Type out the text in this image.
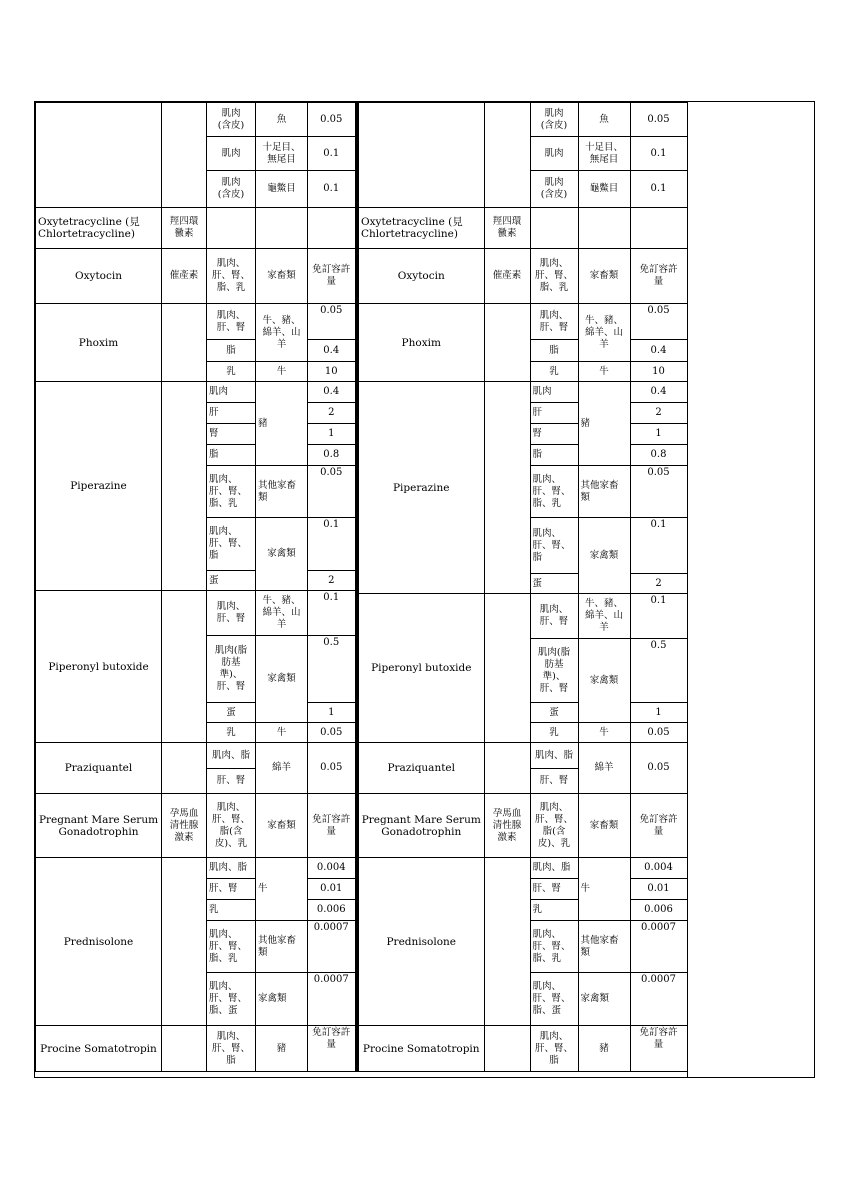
		肌肉
(含皮)	魚	0.05
		肌肉	十足目、
無尾目	0.1
		肌肉
(含皮)	龜鱉目	0.1

Oxytetracycline (見 Chlortetracycline)	羥四環
黴素			
Oxytocin	催產素	肌肉、
肝、腎、
脂、乳	家畜類	免訂容許
量
Phoxim		肌肉、
肝、腎	牛、豬、
綿羊、山
羊	0.05
		脂		0.4
		乳	牛	10
Piperazine		肌肉	豬	0.4
		肝		2
		腎		1
		脂		0.8
		肌肉、
肝、腎、
脂、乳	其他家畜
類	0.05
		肌肉、
肝、腎、
脂	家禽類	0.1
		蛋		2
Piperonyl butoxide		肌肉、
肝、腎	牛、豬、
綿羊、山
羊	0.1
		肌肉(脂
肪基
準)、
肝、腎	家禽類	0.5
		蛋		1
		乳	牛	0.05
Praziquantel		肌肉、脂	綿羊	0.05
		肝、腎		
Pregnant Mare Serum Gonadotrophin	孕馬血
清性腺
激素	肌肉、
肝、腎、
脂(含
皮)、乳	家畜類	免訂容許
量
Prednisolone		肌肉、脂	牛	0.004
		肝、腎		0.01
		乳		0.006
		肌肉、
肝、腎、
脂、乳	其他家畜
類	0.0007
		肌肉、
肝、腎、
脂、蛋	家禽類	0.0007
Procine Somatotropin		肌肉、
肝、腎、
脂	豬	免訂容許
量
		肌肉
(含皮)	魚	0.05
		肌肉	十足目、
無尾目	0.1
		肌肉
(含皮)	龜鱉目	0.1

Oxytetracycline (見 Chlortetracycline)	羥四環
黴素			
Oxytocin	催產素	肌肉、
肝、腎、
脂、乳	家畜類	免訂容許
量
Phoxim		肌肉、
肝、腎	牛、豬、
綿羊、山
羊	0.05
		脂		0.4
		乳	牛	10
Piperazine		肌肉	豬	0.4
		肝		2
		腎		1
		脂		0.8
		肌肉、
肝、腎、
脂、乳	其他家畜
類	0.05
		肌肉、
肝、腎、
脂	家禽類	0.1
		蛋		2
Piperonyl butoxide		肌肉、
肝、腎	牛、豬、
綿羊、山
羊	0.1
		肌肉(脂
肪基
準)、
肝、腎	家禽類	0.5
		蛋		1
		乳	牛	0.05
Praziquantel		肌肉、脂	綿羊	0.05
		肝、腎		
Pregnant Mare Serum Gonadotrophin	孕馬血
清性腺
激素	肌肉、
肝、腎、
脂(含
皮)、乳	家畜類	免訂容許
量
Prednisolone		肌肉、脂	牛	0.004
		肝、腎		0.01
		乳		0.006
		肌肉、
肝、腎、
脂、乳	其他家畜
類	0.0007
		肌肉、
肝、腎、
脂、蛋	家禽類	0.0007
Procine Somatotropin		肌肉、
肝、腎、
脂	豬	免訂容許
量
